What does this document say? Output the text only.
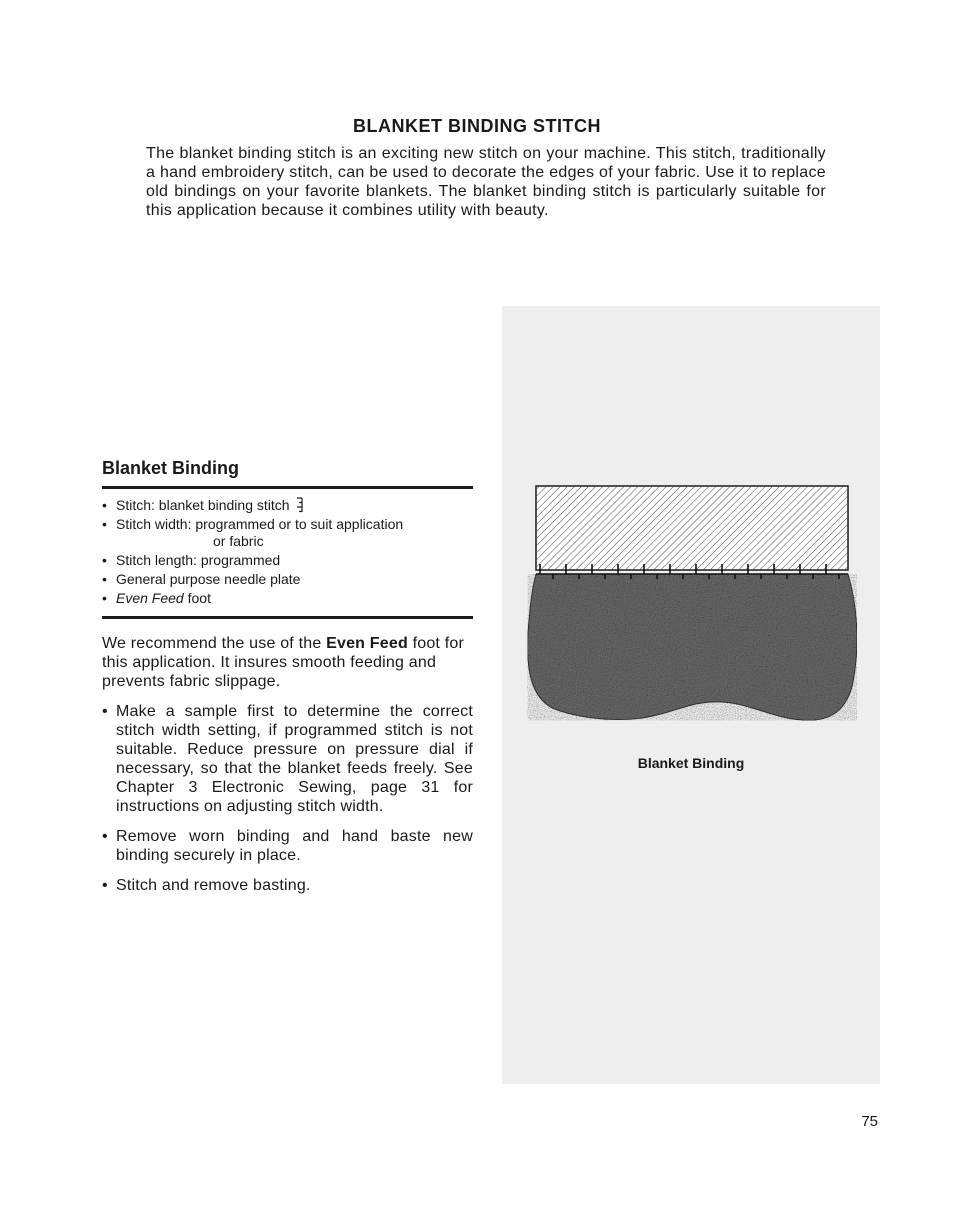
BLANKET BINDING STITCH

The blanket binding stitch is an exciting new stitch on your machine. This stitch, traditionally a hand embroidery stitch, can be used to decorate the edges of your fabric. Use it to replace old bindings on your favorite blankets. The blanket binding stitch is particularly suitable for this application because it combines utility with beauty.

Blanket Binding
• Stitch: blanket binding stitch
• Stitch width: programmed or to suit application
or fabric
• Stitch length: programmed
• General purpose needle plate
• Even Feed foot

We recommend the use of the Even Feed foot for this application. It insures smooth feeding and prevents fabric slippage.

• Make a sample first to determine the correct stitch width setting, if programmed stitch is not suitable. Reduce pressure on pressure dial if necessary, so that the blanket feeds freely. See Chapter 3 Electronic Sewing, page 31 for instructions on adjusting stitch width.
• Remove worn binding and hand baste new binding securely in place.
• Stitch and remove basting.
Blanket Binding
75
